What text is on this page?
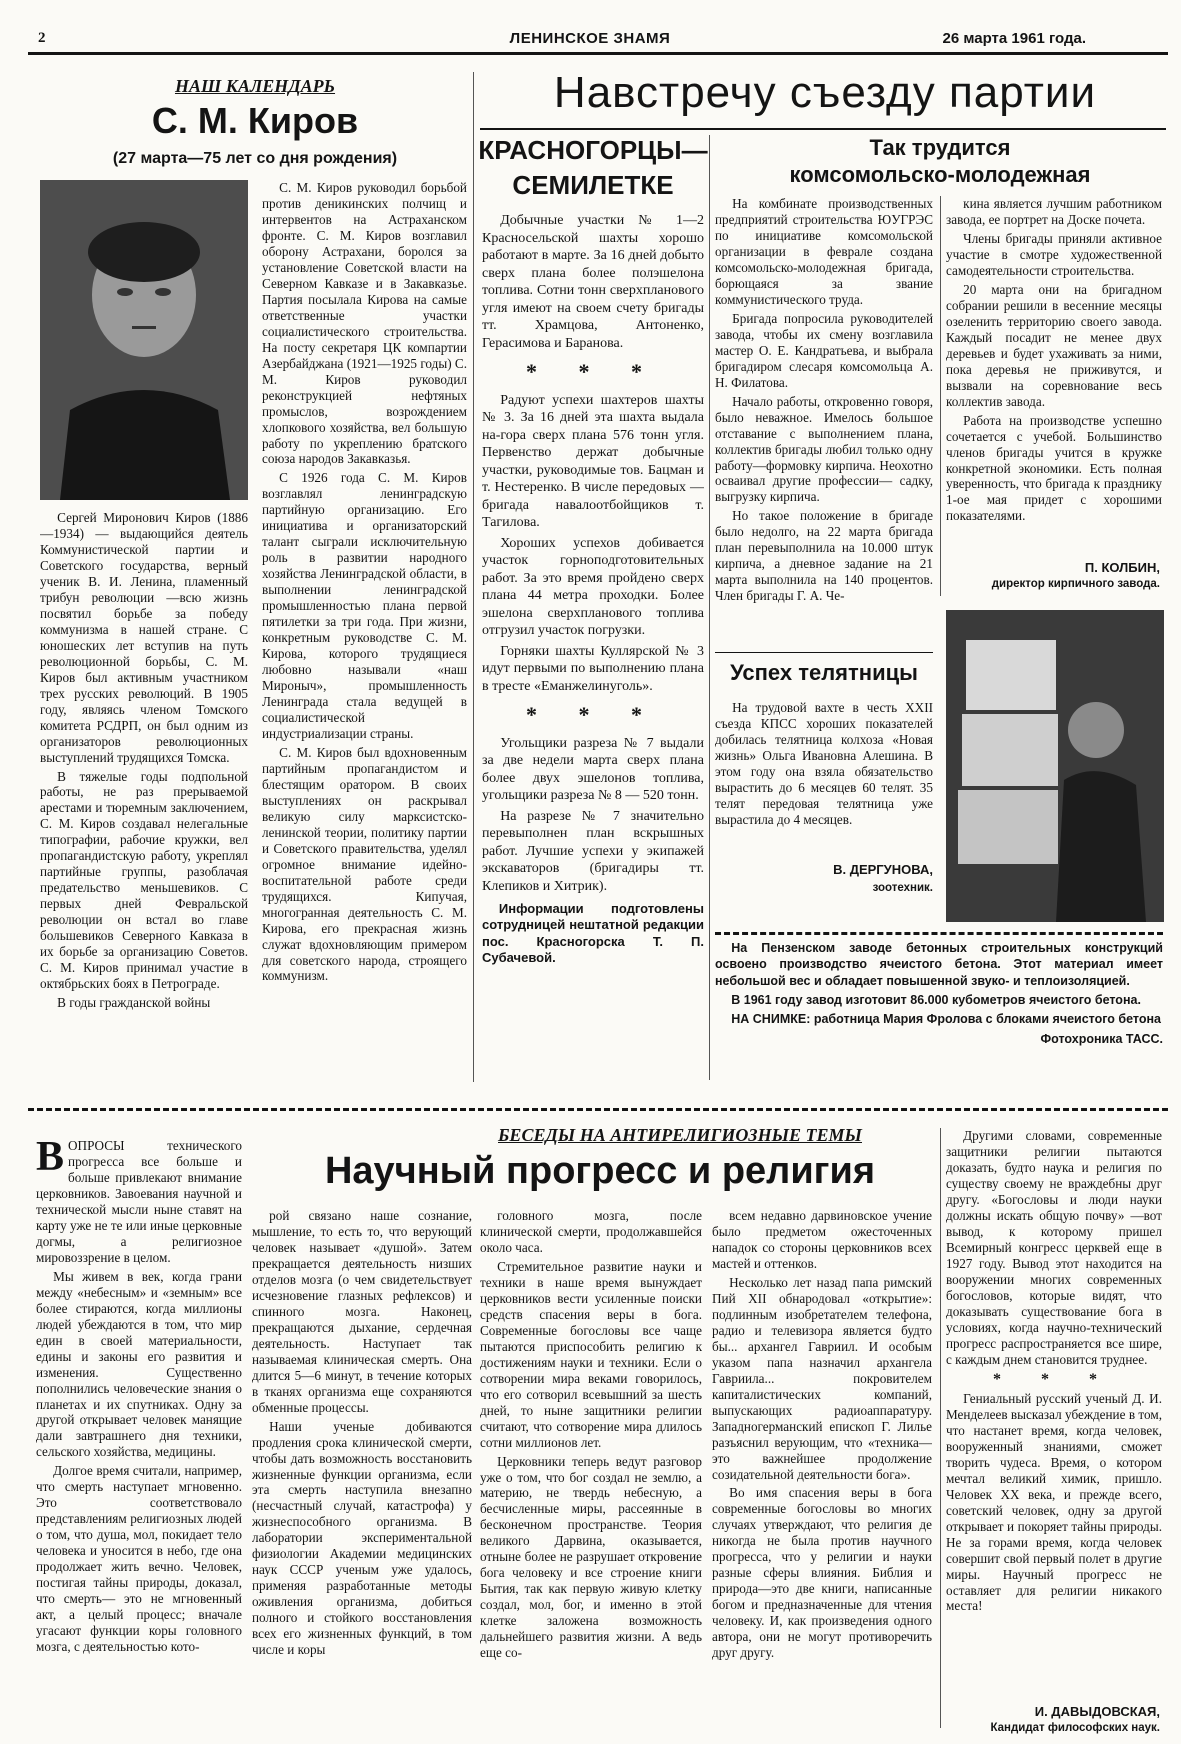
2	ЛЕНИНСКОЕ ЗНАМЯ	26 марта 1961 года.
НАШ КАЛЕНДАРЬ
С. М. Киров
(27 марта—75 лет со дня рождения)

Сергей Миронович Киров (1886—1934) — выдающийся деятель Коммунистической партии и Советского государства, верный ученик В. И. Ленина, пламенный трибун революции —всю жизнь посвятил борьбе за победу коммунизма в нашей стране. С юношеских лет вступив на путь революционной борьбы, С. М. Киров был активным участником трех русских революций. В 1905 году, являясь членом Томского комитета РСДРП, он был одним из организаторов революционных выступлений трудящихся Томска.

В тяжелые годы подпольной работы, не раз прерываемой арестами и тюремным заключением, С. М. Киров создавал нелегальные типографии, рабочие кружки, вел пропагандистскую работу, укреплял партийные группы, разоблачая предательство меньшевиков. С первых дней Февральской революции он встал во главе большевиков Северного Кавказа в их борьбе за организацию Советов. С. М. Киров принимал участие в октябрьских боях в Петрограде.

В годы гражданской войны

С. М. Киров руководил борьбой против деникинских полчищ и интервентов на Астраханском фронте. С. М. Киров возглавил оборону Астрахани, боролся за установление Советской власти на Северном Кавказе и в Закавказье. Партия посылала Кирова на самые ответственные участки социалистического строительства. На посту секретаря ЦК компартии Азербайджана (1921—1925 годы) С. М. Киров руководил реконструкцией нефтяных промыслов, возрождением хлопкового хозяйства, вел большую работу по укреплению братского союза народов Закавказья.

С 1926 года С. М. Киров возглавлял ленинградскую партийную организацию. Его инициатива и организаторский талант сыграли исключительную роль в развитии народного хозяйства Ленинградской области, в выполнении ленинградской промышленностью плана первой пятилетки за три года. При жизни, конкретным руководстве С. М. Кирова, которого трудящиеся любовно называли «наш Мироныч», промышленность Ленинграда стала ведущей в социалистической индустриализации страны.

С. М. Киров был вдохновенным партийным пропагандистом и блестящим оратором. В своих выступлениях он раскрывал великую силу марксистско-ленинской теории, политику партии и Советского правительства, уделял огромное внимание идейно-воспитательной работе среди трудящихся. Кипучая, многогранная деятельность С. М. Кирова, его прекрасная жизнь служат вдохновляющим примером для советского народа, строящего коммунизм.

Навстречу съезду партии
КРАСНОГОРЦЫ—
СЕМИЛЕТКЕ

Добычные участки № 1—2 Красносельской шахты хорошо работают в марте. За 16 дней добыто сверх плана более полэшелона топлива. Сотни тонн сверхпланового угля имеют на своем счету бригады тт. Храмцова, Антоненко, Герасимова и Баранова.

* * *

Радуют успехи шахтеров шахты № 3. За 16 дней эта шахта выдала на-гора сверх плана 576 тонн угля. Первенство держат добычные участки, руководимые тов. Бацман и т. Нестеренко. В числе передовых — бригада навалоотбойщиков т. Тагилова.

Хороших успехов добивается участок горноподготовительных работ. За это время пройдено сверх плана 44 метра проходки. Более эшелона сверхпланового топлива отгрузил участок погрузки.

Горняки шахты Куллярской № 3 идут первыми по выполнению плана в тресте «Еманжелинуголь».

* * *

Угольщики разреза № 7 выдали за две недели марта сверх плана более двух эшелонов топлива, угольщики разреза № 8 — 520 тонн.

На разрезе № 7 значительно перевыполнен план вскрышных работ. Лучшие успехи у экипажей экскаваторов (бригадиры тт. Клепиков и Хитрик).

Информации подготовлены сотрудницей нештатной редакции пос. Красногорска Т. П. Субачевой.

Так трудится
комсомольско-молодежная

На комбинате производственных предприятий строительства ЮУГРЭС по инициативе комсомольской организации в феврале создана комсомольско-молодежная бригада, борющаяся за звание коммунистического труда.

Бригада попросила руководителей завода, чтобы их смену возглавила мастер О. Е. Кандратьева, и выбрала бригадиром слесаря комсомольца А. Н. Филатова.

Начало работы, откровенно говоря, было неважное. Имелось большое отставание с выполнением плана, коллектив бригады любил только одну работу—формовку кирпича. Неохотно осваивал другие профессии— садку, выгрузку кирпича.

Но такое положение в бригаде было недолго, на 22 марта бригада план перевыполнила на 10.000 штук кирпича, а дневное задание на 21 марта выполнила на 140 процентов. Член бригады Г. А. Че-

кина является лучшим работником завода, ее портрет на Доске почета.

Члены бригады приняли активное участие в смотре художественной самодеятельности строительства.

20 марта они на бригадном собрании решили в весенние месяцы озеленить территорию своего завода. Каждый посадит не менее двух деревьев и будет ухаживать за ними, пока деревья не приживутся, и вызвали на соревнование весь коллектив завода.

Работа на производстве успешно сочетается с учебой. Большинство членов бригады учится в кружке конкретной экономики. Есть полная уверенность, что бригада к празднику 1-ое мая придет с хорошими показателями.

П. КОЛБИН,
директор кирпичного завода.
Успех телятницы

На трудовой вахте в честь XXII съезда КПСС хороших показателей добилась телятница колхоза «Новая жизнь» Ольга Ивановна Алешина. В этом году она взяла обязательство вырастить до 6 месяцев 60 телят. 35 телят передовая телятница уже вырастила до 4 месяцев.

В. ДЕРГУНОВА,
зоотехник.

На Пензенском заводе бетонных строительных конструкций освоено производство ячеистого бетона. Этот материал имеет небольшой вес и обладает повышенной звуко- и теплоизоляцией.

В 1961 году завод изготовит 86.000 кубометров ячеистого бетона.

НА СНИМКЕ: работница Мария Фролова с блоками ячеистого бетона

Фотохроника ТАСС.

БЕСЕДЫ НА АНТИРЕЛИГИОЗНЫЕ ТЕМЫ
Научный прогресс и религия

ВОПРОСЫ технического прогресса все больше и больше привлекают внимание церковников. Завоевания научной и технической мысли ныне ставят на карту уже не те или иные церковные догмы, а религиозное мировоззрение в целом.

Мы живем в век, когда грани между «небесным» и «земным» все более стираются, когда миллионы людей убеждаются в том, что мир един в своей материальности, едины и законы его развития и изменения. Существенно пополнились человеческие знания о планетах и их спутниках. Одну за другой открывает человек манящие дали завтрашнего дня техники, сельского хозяйства, медицины.

Долгое время считали, например, что смерть наступает мгновенно. Это соответствовало представлениям религиозных людей о том, что душа, мол, покидает тело человека и уносится в небо, где она продолжает жить вечно. Человек, постигая тайны природы, доказал, что смерть— это не мгновенный акт, а целый процесс; вначале угасают функции коры головного мозга, с деятельностью кото-

рой связано наше сознание, мышление, то есть то, что верующий человек называет «душой». Затем прекращается деятельность низших отделов мозга (о чем свидетельствует исчезновение глазных рефлексов) и спинного мозга. Наконец, прекращаются дыхание, сердечная деятельность. Наступает так называемая клиническая смерть. Она длится 5—6 минут, в течение которых в тканях организма еще сохраняются обменные процессы.

Наши ученые добиваются продления срока клинической смерти, чтобы дать возможность восстановить жизненные функции организма, если эта смерть наступила внезапно (несчастный случай, катастрофа) у жизнеспособного организма. В лаборатории экспериментальной физиологии Академии медицинских наук СССР ученым уже удалось, применяя разработанные методы оживления организма, добиться полного и стойкого восстановления всех его жизненных функций, в том числе и коры

головного мозга, после клинической смерти, продолжавшейся около часа.

Стремительное развитие науки и техники в наше время вынуждает церковников вести усиленные поиски средств спасения веры в бога. Современные богословы все чаще пытаются приспособить религию к достижениям науки и техники. Если о сотворении мира веками говорилось, что его сотворил всевышний за шесть дней, то ныне защитники религии считают, что сотворение мира длилось сотни миллионов лет.

Церковники теперь ведут разговор уже о том, что бог создал не землю, а материю, не твердь небесную, а бесчисленные миры, рассеянные в бесконечном пространстве. Теория великого Дарвина, оказывается, отныне более не разрушает откровение бога человеку и все строение книги Бытия, так как первую живую клетку создал, мол, бог, и именно в этой клетке заложена возможность дальнейшего развития жизни. А ведь еще со-

всем недавно дарвиновское учение было предметом ожесточенных нападок со стороны церковников всех мастей и оттенков.

Несколько лет назад папа римский Пий XII обнародовал «открытие»: подлинным изобретателем телефона, радио и телевизора является будто бы... архангел Гавриил. И особым указом папа назначил архангела Гавриила... покровителем капиталистических компаний, выпускающих радиоаппаратуру. Западногерманский епископ Г. Лилье разъяснил верующим, что «техника—это важнейшее продолжение созидательной деятельности бога».

Во имя спасения веры в бога современные богословы во многих случаях утверждают, что религия де никогда не была против научного прогресса, что у религии и науки разные сферы влияния. Библия и природа—это две книги, написанные богом и предназначенные для чтения человеку. И, как произведения одного автора, они не могут противоречить друг другу.

Другими словами, современные защитники религии пытаются доказать, будто наука и религия по существу своему не враждебны друг другу. «Богословы и люди науки должны искать общую почву» —вот вывод, к которому пришел Всемирный конгресс церквей еще в 1927 году. Вывод этот находится на вооружении многих современных богословов, которые видят, что доказывать существование бога в условиях, когда научно-технический прогресс распространяется все шире, с каждым днем становится труднее.

* * *

Гениальный русский ученый Д. И. Менделеев высказал убеждение в том, что настанет время, когда человек, вооруженный знаниями, сможет творить чудеса. Время, о котором мечтал великий химик, пришло. Человек XX века, и прежде всего, советский человек, одну за другой открывает и покоряет тайны природы. Не за горами время, когда человек совершит свой первый полет в другие миры. Научный прогресс не оставляет для религии никакого места!

И. ДАВЫДОВСКАЯ,
Кандидат философских наук.
